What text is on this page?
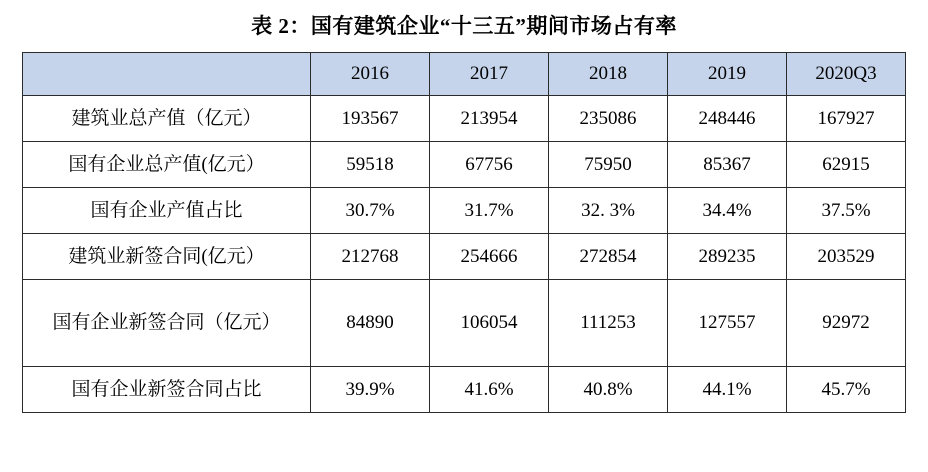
表 2：国有建筑企业“十三五”期间市场占有率
	2016	2017	2018	2019	2020Q3
建筑业总产值（亿元）	193567	213954	235086	248446	167927
国有企业总产值(亿元）	59518	67756	75950	85367	62915
国有企业产值占比	30.7%	31.7%	32. 3%	34.4%	37.5%
建筑业新签合同(亿元）	212768	254666	272854	289235	203529
国有企业新签合同（亿元）	84890	106054	111253	127557	92972
国有企业新签合同占比	39.9%	41.6%	40.8%	44.1%	45.7%
